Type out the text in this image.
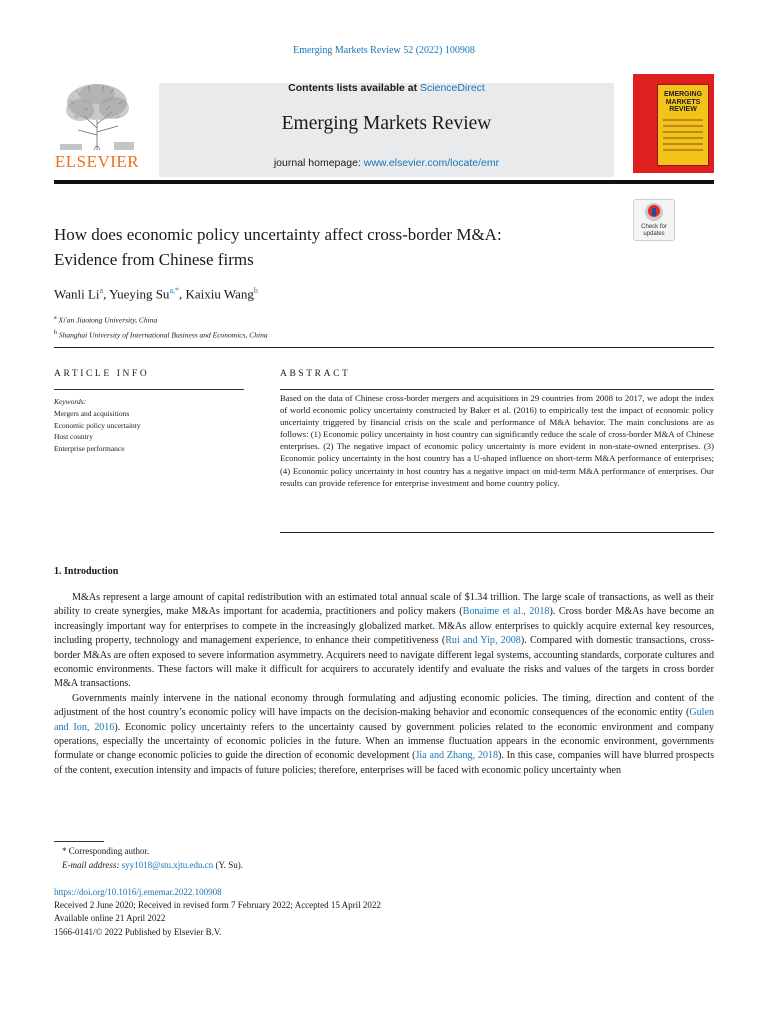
Emerging Markets Review 52 (2022) 100908
ELSEVIER
Contents lists available at ScienceDirect
Emerging Markets Review
journal homepage: www.elsevier.com/locate/emr
EMERGING MARKETS REVIEW
How does economic policy uncertainty affect cross-border M&A:
Evidence from Chinese firms
Check for updates
Wanli Li$^a$, Yueying $Su^{a,*}$, Kaixiu Wang$^b$
$^a$ Xi'an Jiaotong University, China
$^b$ Shanghai University of International Business and Economics, China
ARTICLE INFO
Keywords:
Mergers and acquisitions
Economic policy uncertainty
Host country
Enterprise performance
ABSTRACT
Based on the data of Chinese cross-border mergers and acquisitions in 29 countries from 2008 to 2017, we adopt the index of world economic policy uncertainty constructed by Baker et al. (2016) to empirically test the impact of economic policy uncertainty triggered by financial crisis on the scale and performance of M&A behavior. The main conclusions are as follows: (1) Economic policy uncertainty in host country can significantly reduce the scale of cross-border M&A of Chinese enterprises. (2) The negative impact of economic policy uncertainty is more evident in non-state-owned enterprises. (3) Economic policy uncertainty in the host country has a U-shaped influence on short-term M&A performance of enterprises; (4) Economic policy uncertainty in host country has a negative impact on mid-term M&A performance of enterprises. Our results can provide reference for enterprise investment and home country policy.
1. Introduction

M&As represent a large amount of capital redistribution with an estimated total annual scale of $1.34 trillion. The large scale of transactions, as well as their ability to create synergies, make M&As important for academia, practitioners and policy makers (Bonaime et al., 2018). Cross border M&As have become an increasingly important way for enterprises to compete in the increasingly globalized market. M&As allow enterprises to quickly acquire external key resources, including property, technology and management experience, to enhance their competitiveness (Rui and Yip, 2008). Compared with domestic transactions, cross-border M&As are often exposed to severe information asymmetry. Acquirers need to navigate different legal systems, accounting standards, corporate cultures and economic environments. These factors will make it difficult for acquirers to accurately identify and evaluate the risks and values of the targets in cross border M&A transactions.

Governments mainly intervene in the national economy through formulating and adjusting economic policies. The timing, direction and content of the adjustment of the host country’s economic policy will have impacts on the decision-making behavior and economic consequences of the economic entity (Gulen and Ion, 2016). Economic policy uncertainty refers to the uncertainty caused by government policies related to the economic environment and company operations, especially the uncertainty of economic policies in the future. When an immense fluctuation appears in the economic environment, governments formulate or change economic policies to guide the direction of economic development (Jia and Zhang, 2018). In this case, companies will have blurred prospects of the content, execution intensity and impacts of future policies; therefore, enterprises will be faced with economic policy uncertainty when

* Corresponding author.
E-mail address: syy1018@stu.xjtu.edu.cn (Y. Su).
https://doi.org/10.1016/j.ememar.2022.100908
Received 2 June 2020; Received in revised form 7 February 2022; Accepted 15 April 2022
Available online 21 April 2022
1566-0141/© 2022 Published by Elsevier B.V.
